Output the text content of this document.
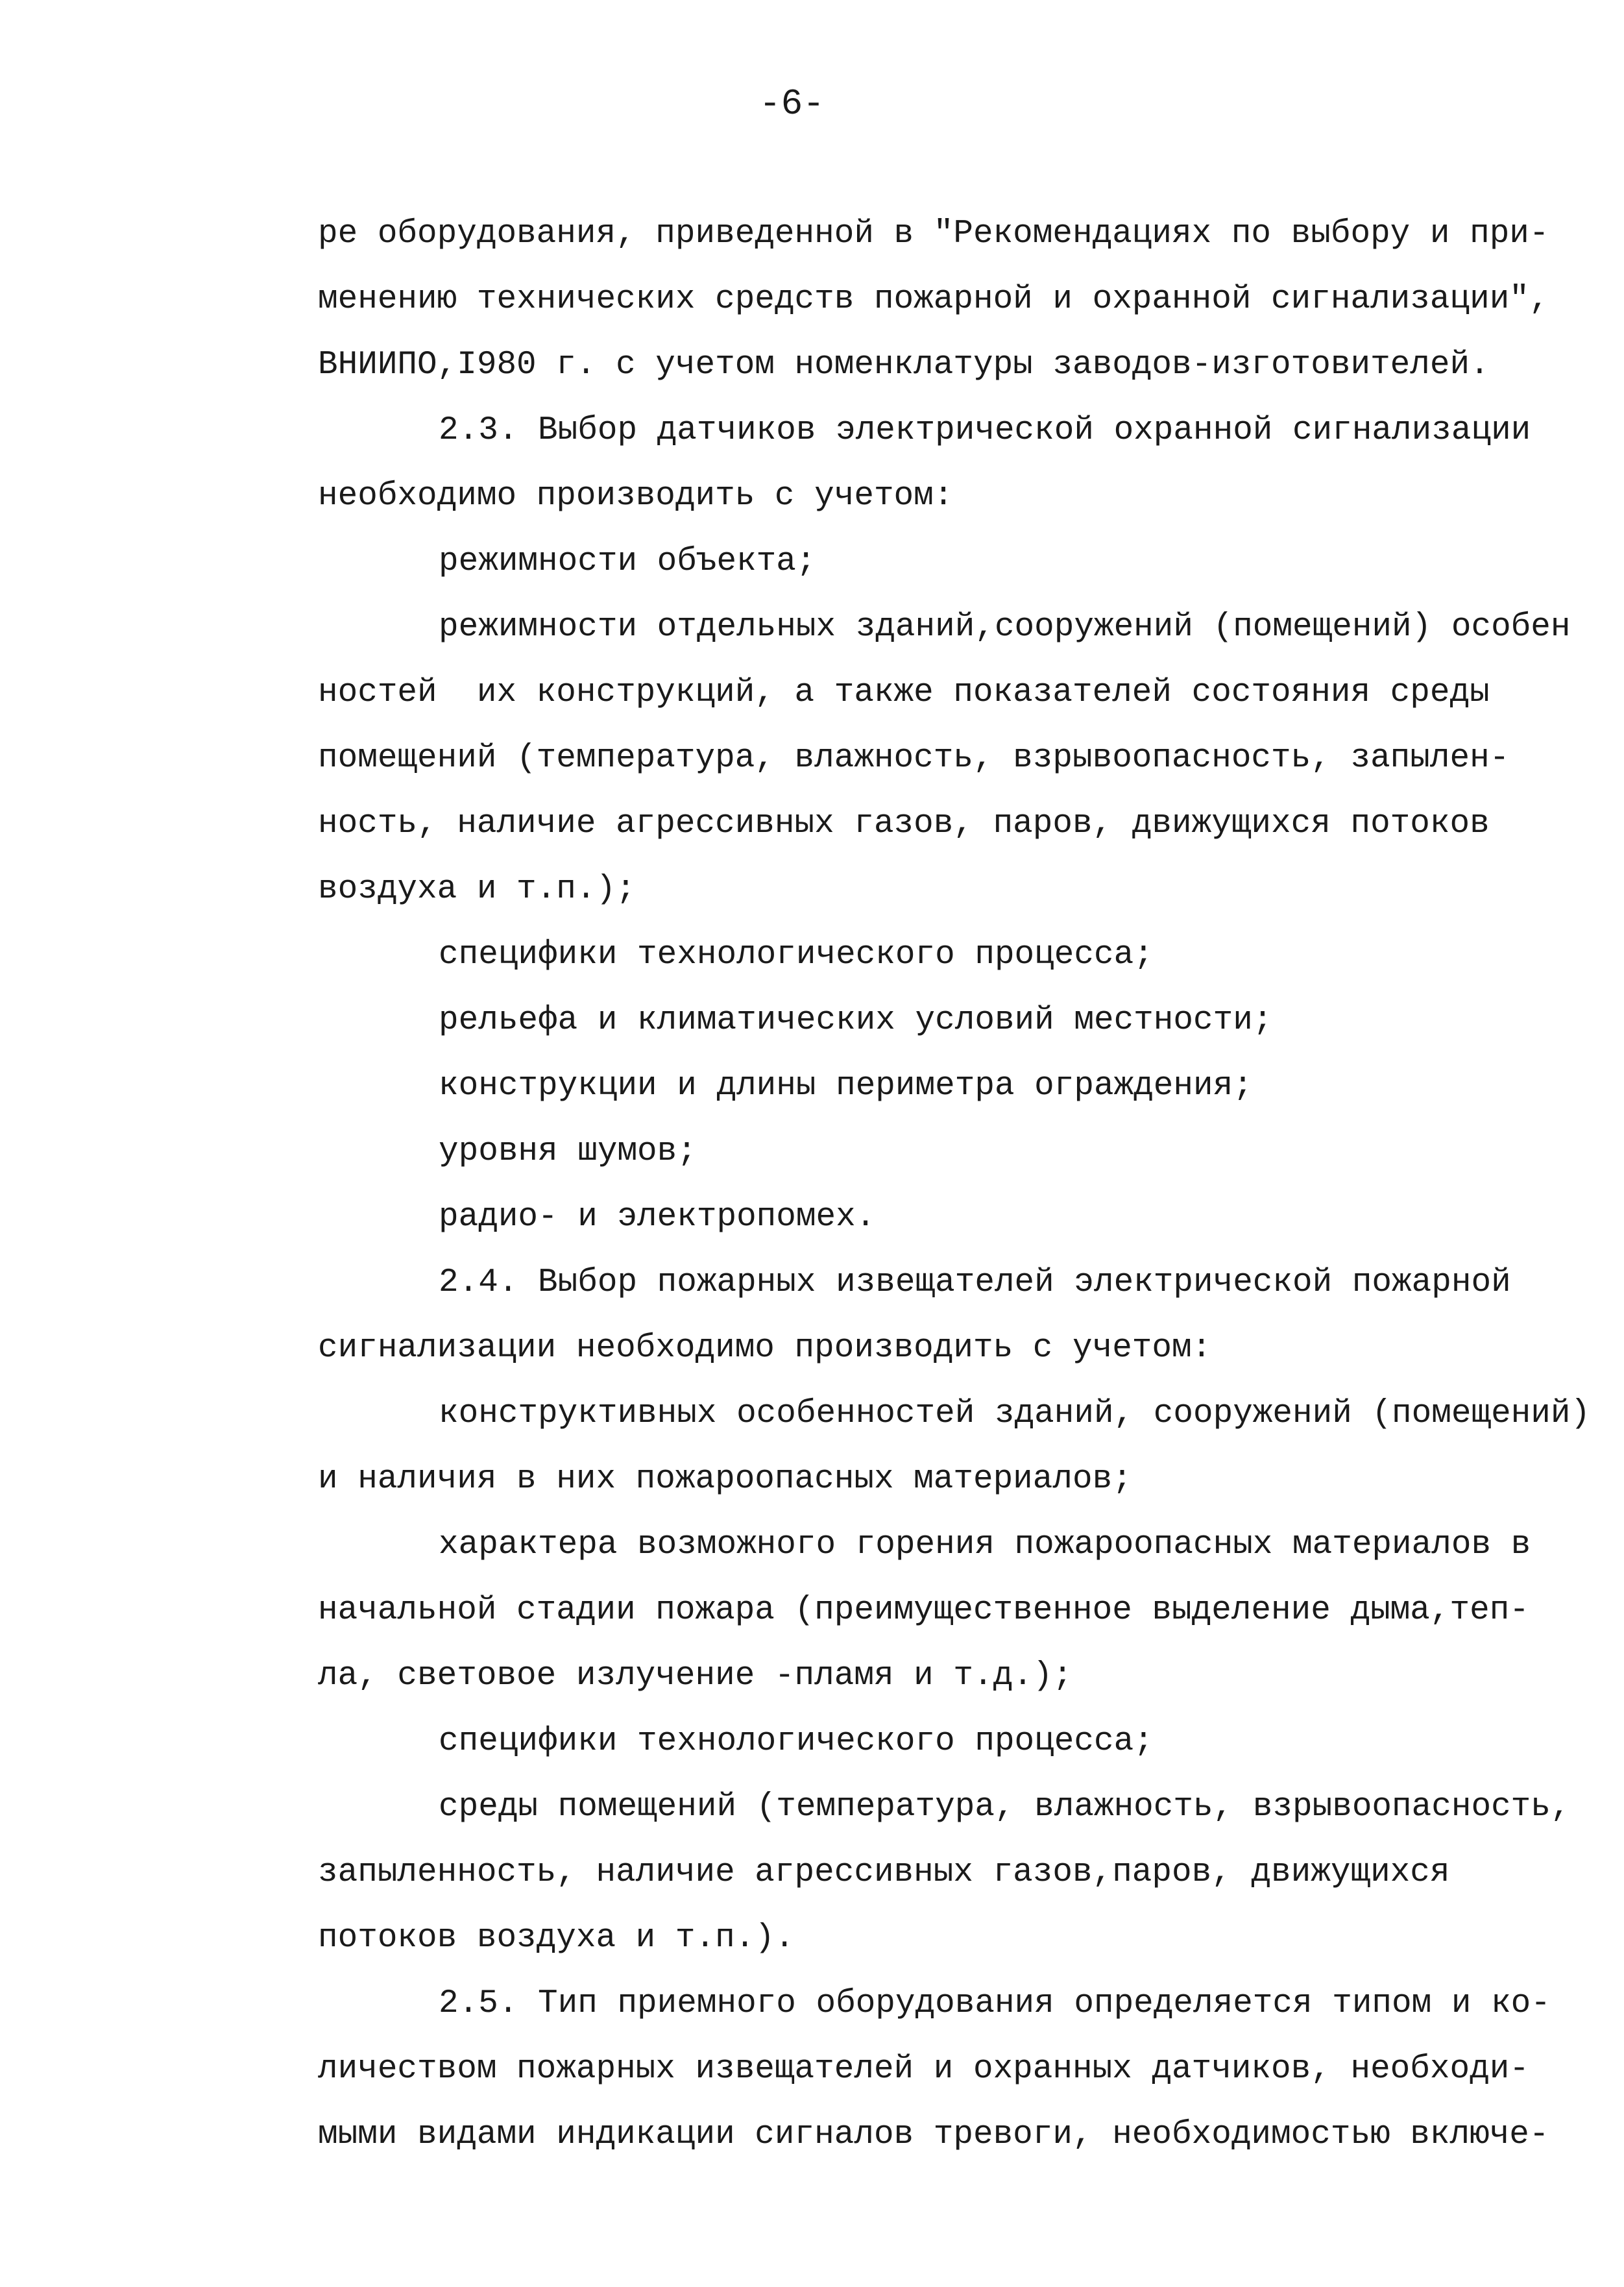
-6-
ре оборудования, приведенной в "Рекомендациях по выбору и при-
менению технических средств пожарной и охранной сигнализации",
ВНИИПО,I980 г. с учетом номенклатуры заводов-изготовителей.
2.3. Выбор датчиков электрической охранной сигнализации
необходимо производить с учетом:
режимности объекта;
режимности отдельных зданий,сооружений (помещений) особен
ностей  их конструкций, а также показателей состояния среды
помещений (температура, влажность, взрывоопасность, запылен-
ность, наличие агрессивных газов, паров, движущихся потоков
воздуха и т.п.);
специфики технологического процесса;
рельефа и климатических условий местности;
конструкции и длины периметра ограждения;
уровня шумов;
радио- и электропомех.
2.4. Выбор пожарных извещателей электрической пожарной
сигнализации необходимо производить с учетом:
конструктивных особенностей зданий, сооружений (помещений)
и наличия в них пожароопасных материалов;
характера возможного горения пожароопасных материалов в
начальной стадии пожара (преимущественное выделение дыма,теп-
ла, световое излучение -пламя и т.д.);
специфики технологического процесса;
среды помещений (температура, влажность, взрывоопасность,
запыленность, наличие агрессивных газов,паров, движущихся
потоков воздуха и т.п.).
2.5. Тип приемного оборудования определяется типом и ко-
личеством пожарных извещателей и охранных датчиков, необходи-
мыми видами индикации сигналов тревоги, необходимостью включе-
